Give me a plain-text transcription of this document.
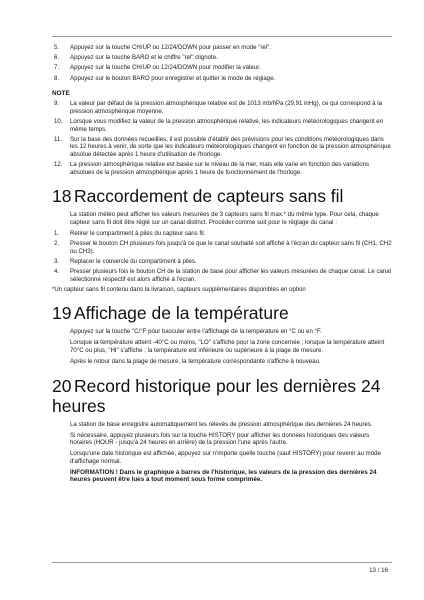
5.	Appuyez sur la touche CH/UP ou 12/24/DOWN pour passer en mode "rel".
6.	Appuyez sur la touche BARO et le chiffre "rel" clignote.
7.	Appuyez sur la touche CH/UP ou 12/24/DOWN pour modifier la valeur.
8.	Appuyez sur le bouton BARO pour enregistrer et quitter le mode de réglage.
NOTE
9.	La valeur par défaut de la pression atmosphérique relative est de 1013 mb/hPa (29,91 inHg), ce qui correspond à la pression atmosphérique moyenne.
10.	Lorsque vous modifiez la valeur de la pression atmosphérique relative, les indicateurs météorologiques changent en même temps.
11.	Sur la base des données recueillies, il est possible d'établir des prévisions pour les conditions météorologiques dans les 12 heures à venir, de sorte que les indicateurs météorologiques changent en fonction de la pression atmosphérique absolue détectée après 1 heure d'utilisation de l'horloge.
12.	La pression atmosphérique relative est basée sur le niveau de la mer, mais elle varie en fonction des variations absolues de la pression atmosphérique après 1 heure de fonctionnement de l'horloge.
18 Raccordement de capteurs sans fil
La station météo peut afficher les valeurs mesurées de 3 capteurs sans fil max.* du même type. Pour cela, chaque capteur sans fil doit être réglé sur un canal distinct. Procéder comme suit pour le réglage du canal :
1.	Retirer le compartiment à piles du capteur sans fil.
2.	Presser le bouton CH plusieurs fois jusqu'à ce que le canal souhaité soit affiché à l'écran du capteur sans fil (CH1, CH2 ou CH3).
3.	Replacer le couvercle du compartiment à piles.
4.	Presser plusieurs fois le bouton CH de la station de base pour afficher les valeurs mesurées de chaque canal. Le canal sélectionné respectif est alors affiché à l'écran.
*Un capteur sans fil contenu dans la livraison, capteurs supplémentaires disponibles en option
19 Affichage de la température
Appuyez sur la touche "C/°F pour basculer entre l'affichage de la température en °C ou en °F.
Lorsque la température atteint -40°C ou moins, "LO" s'affiche pour la zone concernée ; lorsque la température atteint 70°C ou plus, "HI" s'affiche ; la température est inférieure ou supérieure à la plage de mesure.
Après le retour dans la plage de mesure, la température correspondante s'affiche à nouveau.
20 Record historique pour les dernières 24 heures
La station de base enregistre automatiquement les relevés de pression atmosphérique des dernières 24 heures.
Si nécessaire, appuyez plusieurs fois sur la touche HISTORY pour afficher les données historiques des valeurs horaires (HOUR - jusqu'à 24 heures en arrière) de la pression l'une après l'autre.
Lorsqu'une date historique est affichée, appuyez sur n'importe quelle touche (sauf HISTORY) pour revenir au mode d'affichage normal.
INFORMATION ! Dans le graphique à barres de l'historique, les valeurs de la pression des dernières 24 heures peuvent être lues à tout moment sous forme comprimée.
13 / 16
